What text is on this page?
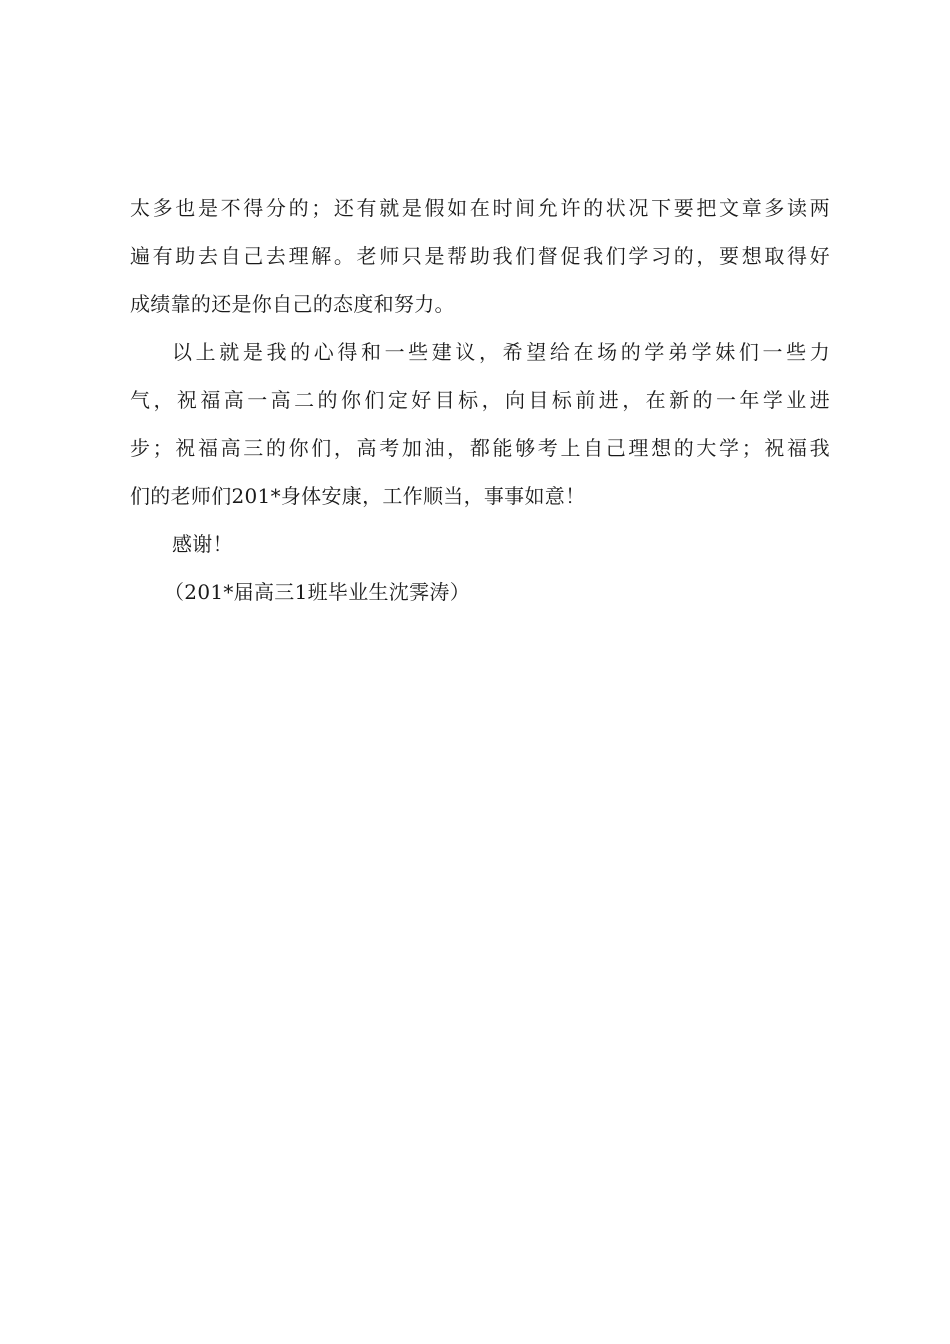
太多也是不得分的；还有就是假如在时间允许的状况下要把文章多读两
遍有助去自己去理解。老师只是帮助我们督促我们学习的，要想取得好
成绩靠的还是你自己的态度和努力。
以上就是我的心得和一些建议，希望给在场的学弟学妹们一些力
气，祝福高一高二的你们定好目标，向目标前进，在新的一年学业进
步；祝福高三的你们，高考加油，都能够考上自己理想的大学；祝福我
们的老师们201*身体安康，工作顺当，事事如意！
感谢！
（201*届高三1班毕业生沈霁涛）
